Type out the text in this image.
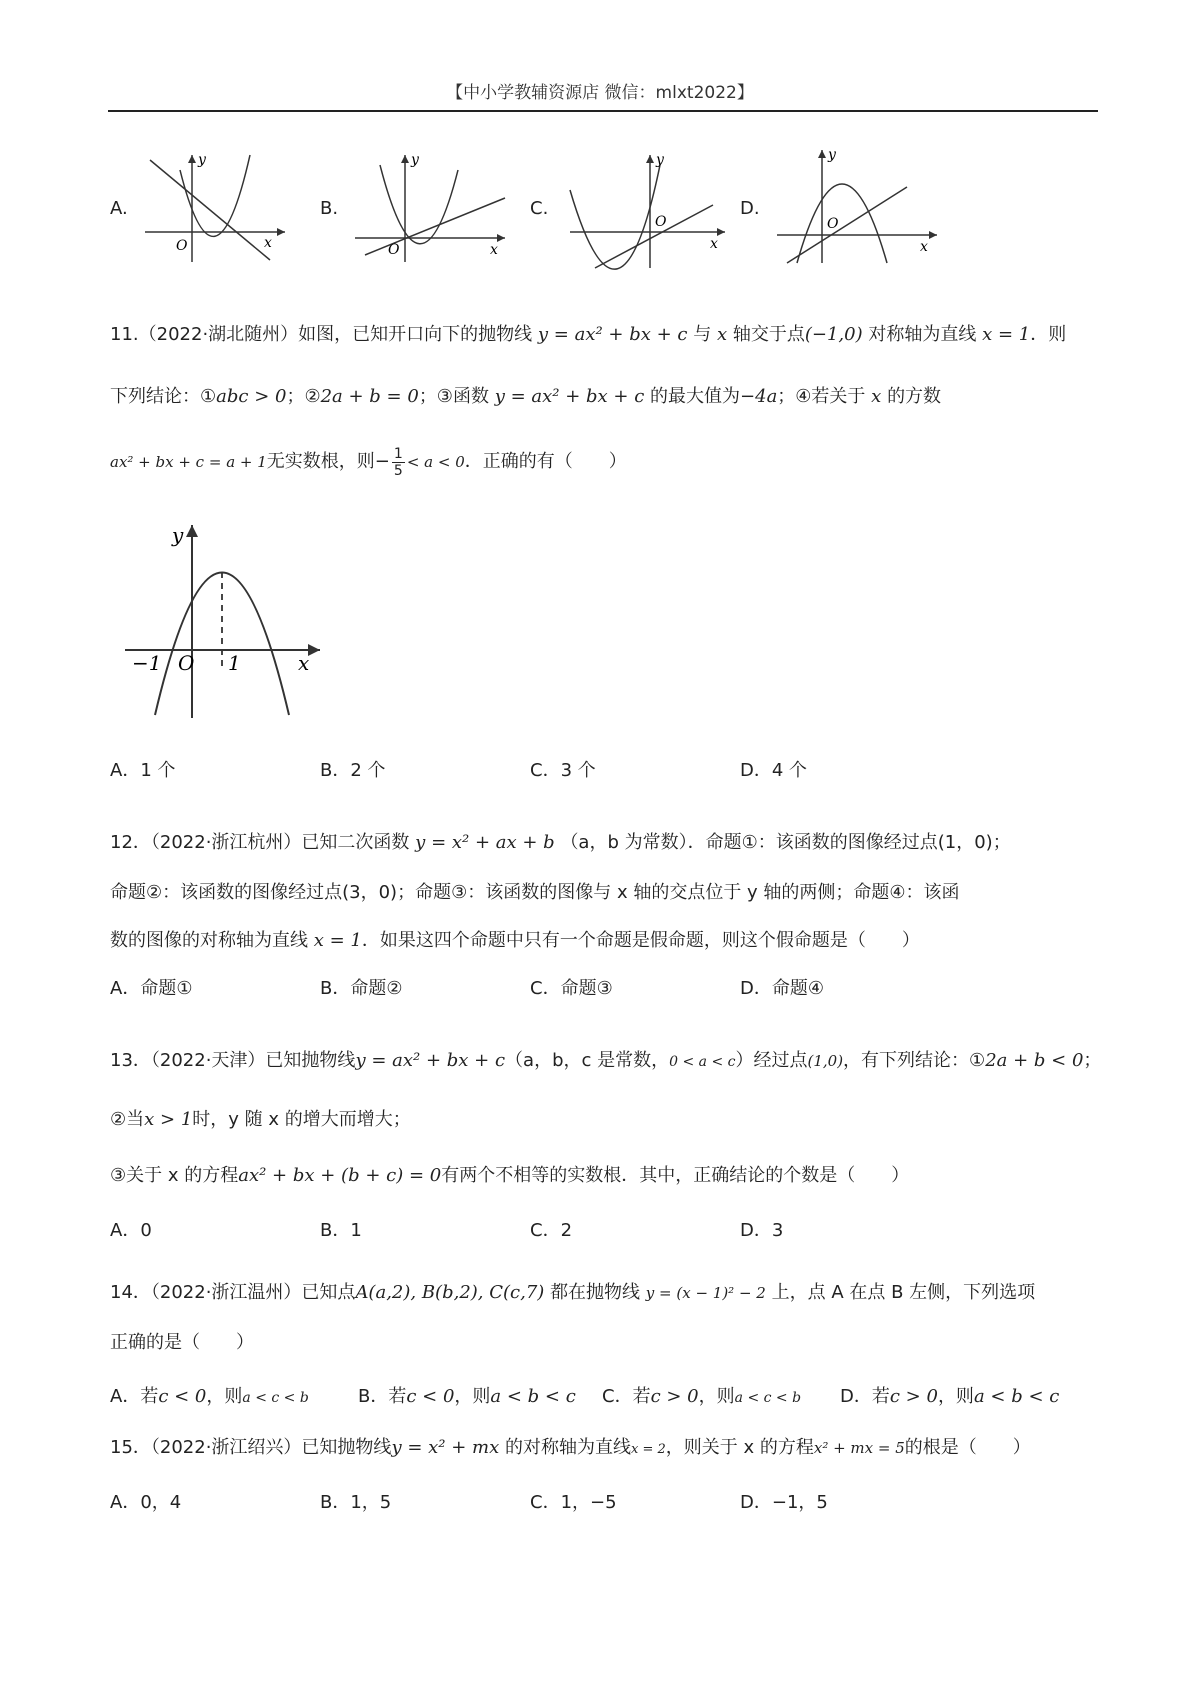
【中小学教辅资源店 微信：mlxt2022】
A.
y
x
O
B.
y
x
O
C.
y
x
O
D.
y
x
O
11.（2022·湖北随州）如图，已知开口向下的抛物线 y = ax² + bx + c 与 x 轴交于点(−1,0) 对称轴为直线 x = 1．则
下列结论：①abc > 0；②2a + b = 0；③函数 y = ax² + bx + c 的最大值为−4a；④若关于 x 的方数
ax² + bx + c = a + 1无实数根，则− $\frac{1}{5} < a < 0$．正确的有（　　）
y
x
−1 O 1
A．1 个	B．2 个	C．3 个	D．4 个
12．（2022·浙江杭州）已知二次函数 y = x² + ax + b （a，b 为常数）．命题①：该函数的图像经过点(1，0)；
命题②：该函数的图像经过点(3，0)；命题③：该函数的图像与 x 轴的交点位于 y 轴的两侧；命题④：该函
数的图像的对称轴为直线 x = 1．如果这四个命题中只有一个命题是假命题，则这个假命题是（　　）
A．命题①	B．命题②	C．命题③	D．命题④
13．（2022·天津）已知抛物线y = ax² + bx + c（a，b，c 是常数，0 < a < c）经过点(1,0)，有下列结论：①2a + b < 0；
②当x > 1时，y 随 x 的增大而增大；
③关于 x 的方程ax² + bx + (b + c) = 0有两个不相等的实数根．其中，正确结论的个数是（　　）
A．0	B．1	C．2	D．3
14．（2022·浙江温州）已知点A(a,2), B(b,2), C(c,7) 都在抛物线 y = (x − 1)² − 2 上，点 A 在点 B 左侧，下列选项
正确的是（　　）
A．若c < 0，则a < c < b	B．若c < 0，则a < b < c C．若c > 0，则a < c < b D．若c > 0，则a < b < c
15．（2022·浙江绍兴）已知抛物线y = x² + mx 的对称轴为直线x = 2，则关于 x 的方程x² + mx = 5的根是（　　）
A．0，4	B．1，5	C．1，−5	D．−1，5
